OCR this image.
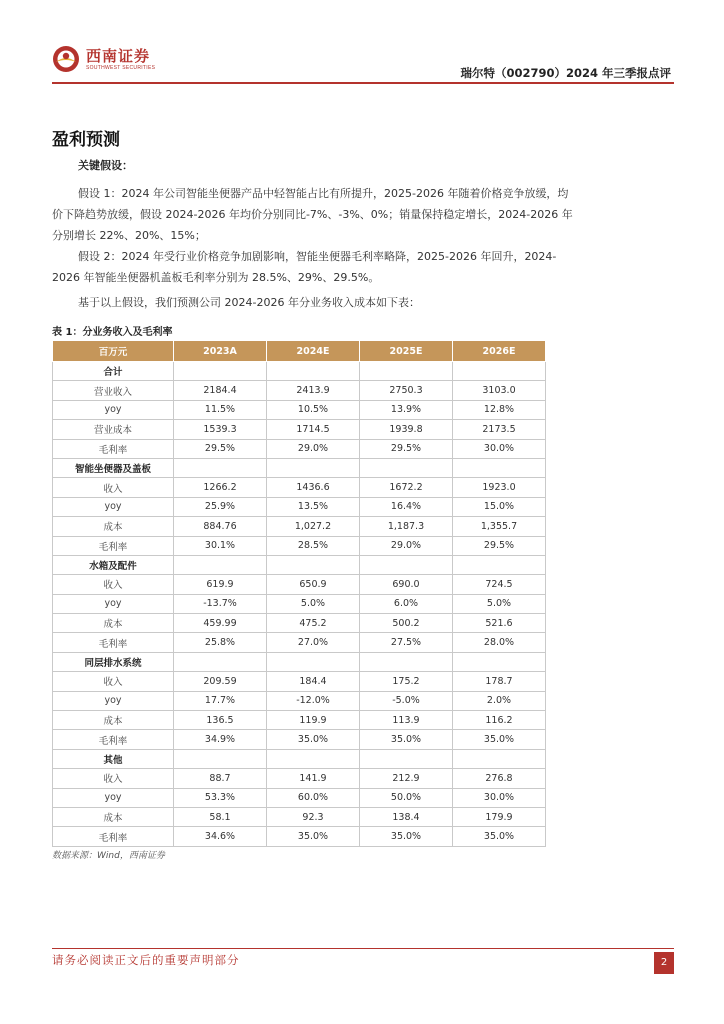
西南证券
SOUTHWEST SECURITIES	瑞尔特（002790）2024 年三季报点评
盈利预测
关键假设：
假设 1：2024 年公司智能坐便器产品中轻智能占比有所提升，2025-2026 年随着价格竞争放缓，均价下降趋势放缓，假设 2024-2026 年均价分别同比-7%、-3%、0%；销量保持稳定增长，2024-2026 年分别增长 22%、20%、15%；
假设 2：2024 年受行业价格竞争加剧影响，智能坐便器毛利率略降，2025-2026 年回升，2024-2026 年智能坐便器机盖板毛利率分别为 28.5%、29%、29.5%。
基于以上假设，我们预测公司 2024-2026 年分业务收入成本如下表：
表 1：分业务收入及毛利率
百万元	2023A	2024E	2025E	2026E
合计				
营业收入	2184.4	2413.9	2750.3	3103.0
yoy	11.5%	10.5%	13.9%	12.8%
营业成本	1539.3	1714.5	1939.8	2173.5
毛利率	29.5%	29.0%	29.5%	30.0%
智能坐便器及盖板				
收入	1266.2	1436.6	1672.2	1923.0
yoy	25.9%	13.5%	16.4%	15.0%
成本	884.76	1,027.2	1,187.3	1,355.7
毛利率	30.1%	28.5%	29.0%	29.5%
水箱及配件				
收入	619.9	650.9	690.0	724.5
yoy	-13.7%	5.0%	6.0%	5.0%
成本	459.99	475.2	500.2	521.6
毛利率	25.8%	27.0%	27.5%	28.0%
同层排水系统				
收入	209.59	184.4	175.2	178.7
yoy	17.7%	-12.0%	-5.0%	2.0%
成本	136.5	119.9	113.9	116.2
毛利率	34.9%	35.0%	35.0%	35.0%
其他				
收入	88.7	141.9	212.9	276.8
yoy	53.3%	60.0%	50.0%	30.0%
成本	58.1	92.3	138.4	179.9
毛利率	34.6%	35.0%	35.0%	35.0%
数据来源：Wind，西南证券
请务必阅读正文后的重要声明部分	2
